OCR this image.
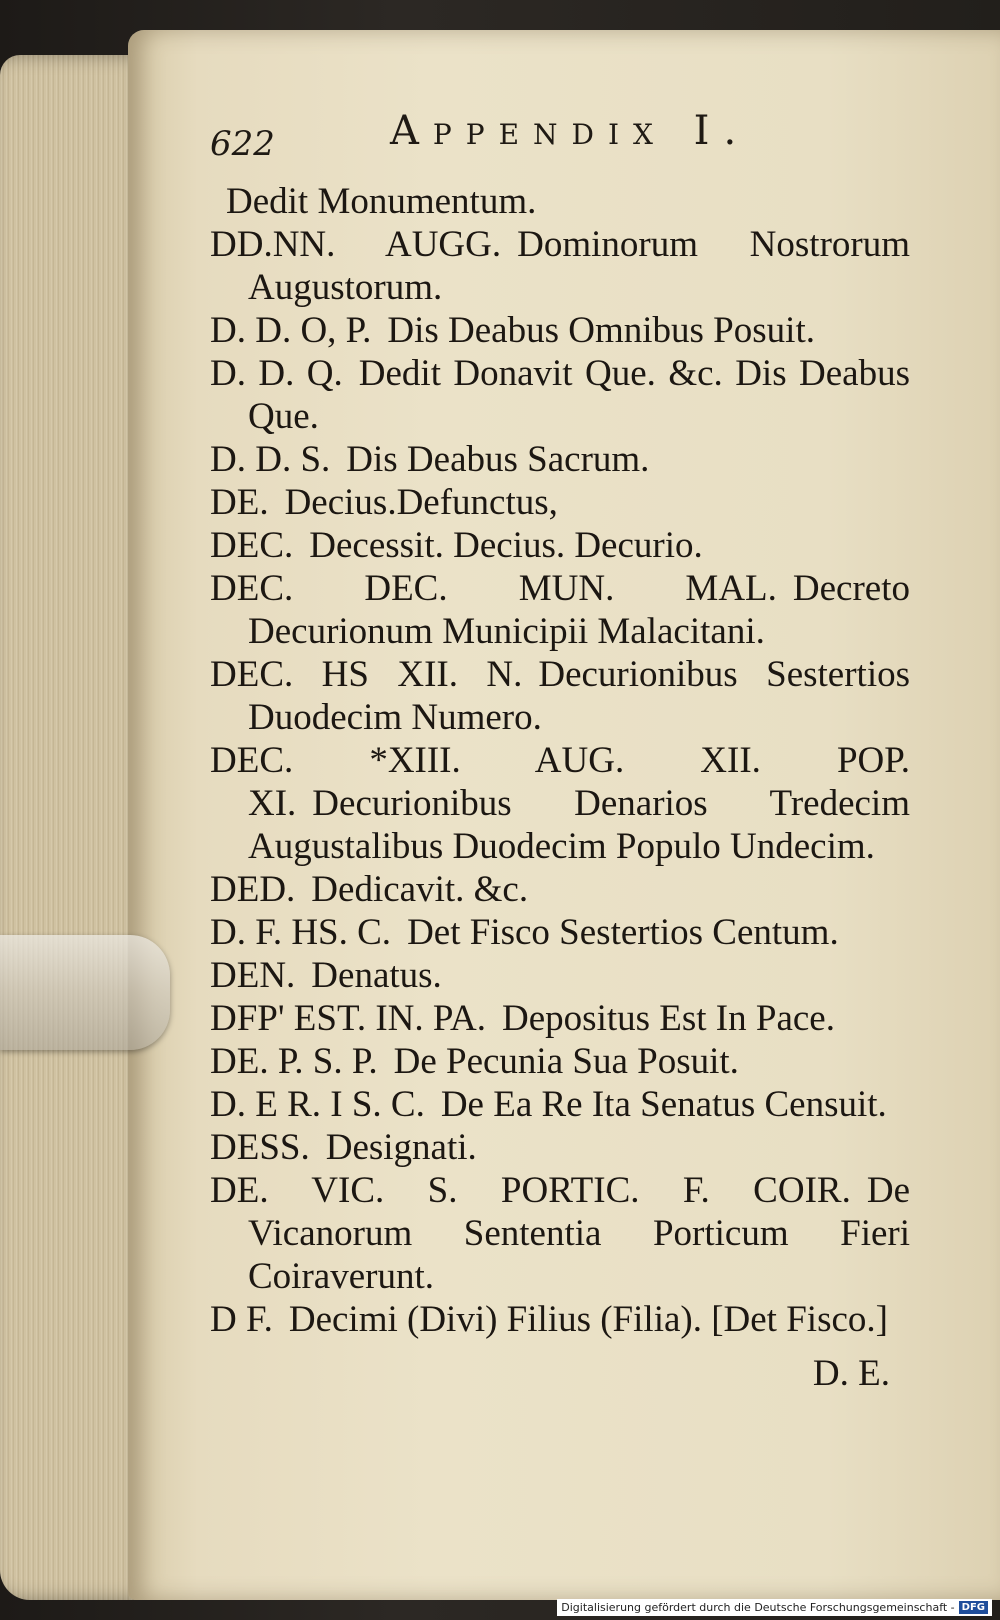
622	Appendix I.

Dedit Monumentum.

DD.NN. AUGG. Dominorum Nostrorum Augustorum.

D. D. O, P. Dis Deabus Omnibus Posuit.

D. D. Q. Dedit Donavit Que. &c. Dis Deabus Que.

D. D. S. Dis Deabus Sacrum.

DE. Decius.Defunctus,

DEC. Decessit. Decius. Decurio.

DEC. DEC. MUN. MAL. Decreto Decurionum Municipii Malacitani.

DEC. HS XII. N. Decurionibus Sestertios Duodecim Numero.

DEC. *XIII. AUG. XII. POP. XI. Decurionibus Denarios Tredecim Augustalibus Duodecim Populo Undecim.

DED. Dedicavit. &c.

D. F. HS. C. Det Fisco Sestertios Centum.

DEN. Denatus.

DFP' EST. IN. PA. Depositus Est In Pace.

DE. P. S. P. De Pecunia Sua Posuit.

D. E R. I S. C. De Ea Re Ita Senatus Censuit.

DESS. Designati.

DE. VIC. S. PORTIC. F. COIR. De Vicanorum Sententia Porticum Fieri Coiraverunt.

D F. Decimi (Divi) Filius (Filia). [Det Fisco.]

D. E.
Digitalisierung gefördert durch die Deutsche Forschungsgemeinschaft - DFG
